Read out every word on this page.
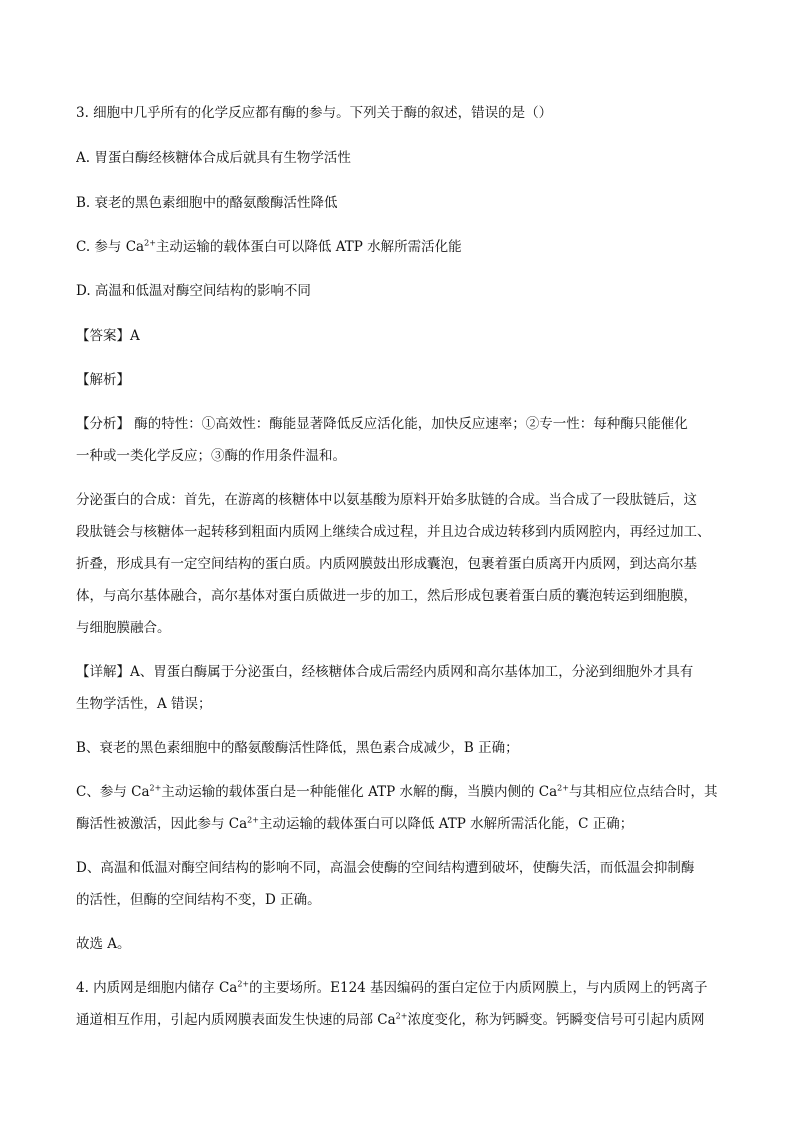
3. 细胞中几乎所有的化学反应都有酶的参与。下列关于酶的叙述，错误的是（）
A. 胃蛋白酶经核糖体合成后就具有生物学活性
B. 衰老的黑色素细胞中的酪氨酸酶活性降低
C. 参与 $Ca^{2+}$主动运输的载体蛋白可以降低 ATP 水解所需活化能
D. 高温和低温对酶空间结构的影响不同
【答案】A
【解析】
【分析】 酶的特性：①高效性：酶能显著降低反应活化能，加快反应速率；②专一性：每种酶只能催化
一种或一类化学反应；③酶的作用条件温和。
分泌蛋白的合成：首先，在游离的核糖体中以氨基酸为原料开始多肽链的合成。当合成了一段肽链后，这
段肽链会与核糖体一起转移到粗面内质网上继续合成过程，并且边合成边转移到内质网腔内，再经过加工、
折叠，形成具有一定空间结构的蛋白质。内质网膜鼓出形成囊泡，包裹着蛋白质离开内质网，到达高尔基
体，与高尔基体融合，高尔基体对蛋白质做进一步的加工，然后形成包裹着蛋白质的囊泡转运到细胞膜，
与细胞膜融合。
【详解】A、胃蛋白酶属于分泌蛋白，经核糖体合成后需经内质网和高尔基体加工，分泌到细胞外才具有
生物学活性，A 错误；
B、衰老的黑色素细胞中的酪氨酸酶活性降低，黑色素合成减少，B 正确；
C、参与 $Ca^{2+}$主动运输的载体蛋白是一种能催化 ATP 水解的酶，当膜内侧的 $Ca^{2+}$与其相应位点结合时，其
酶活性被激活，因此参与 $Ca^{2+}$主动运输的载体蛋白可以降低 ATP 水解所需活化能，C 正确；
D、高温和低温对酶空间结构的影响不同，高温会使酶的空间结构遭到破坏，使酶失活，而低温会抑制酶
的活性，但酶的空间结构不变，D 正确。
故选 A。
4. 内质网是细胞内储存 $Ca^{2+}$的主要场所。E124 基因编码的蛋白定位于内质网膜上，与内质网上的钙离子
通道相互作用，引起内质网膜表面发生快速的局部 $Ca^{2+}$浓度变化，称为钙瞬变。钙瞬变信号可引起内质网
